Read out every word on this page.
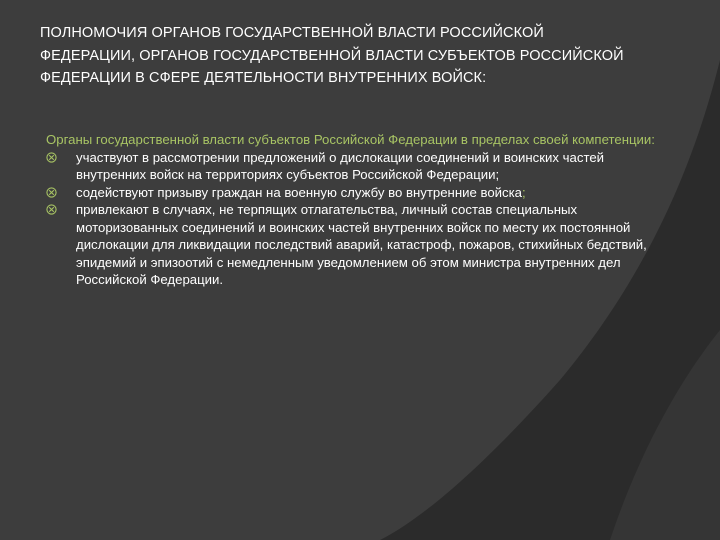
ПОЛНОМОЧИЯ ОРГАНОВ ГОСУДАРСТВЕННОЙ ВЛАСТИ РОССИЙСКОЙ ФЕДЕРАЦИИ, ОРГАНОВ ГОСУДАРСТВЕННОЙ ВЛАСТИ СУБЪЕКТОВ РОССИЙСКОЙ ФЕДЕРАЦИИ В СФЕРЕ ДЕЯТЕЛЬНОСТИ ВНУТРЕННИХ ВОЙСК:

Органы государственной власти субъектов Российской Федерации в пределах своей компетенции:

участвуют в рассмотрении предложений о дислокации соединений и воинских частей внутренних войск на территориях субъектов Российской Федерации;
содействуют призыву граждан на военную службу во внутренние войска;
привлекают в случаях, не терпящих отлагательства, личный состав специальных моторизованных соединений и воинских частей внутренних войск по месту их постоянной дислокации для ликвидации последствий аварий, катастроф, пожаров, стихийных бедствий, эпидемий и эпизоотий с немедленным уведомлением об этом министра внутренних дел Российской Федерации.
